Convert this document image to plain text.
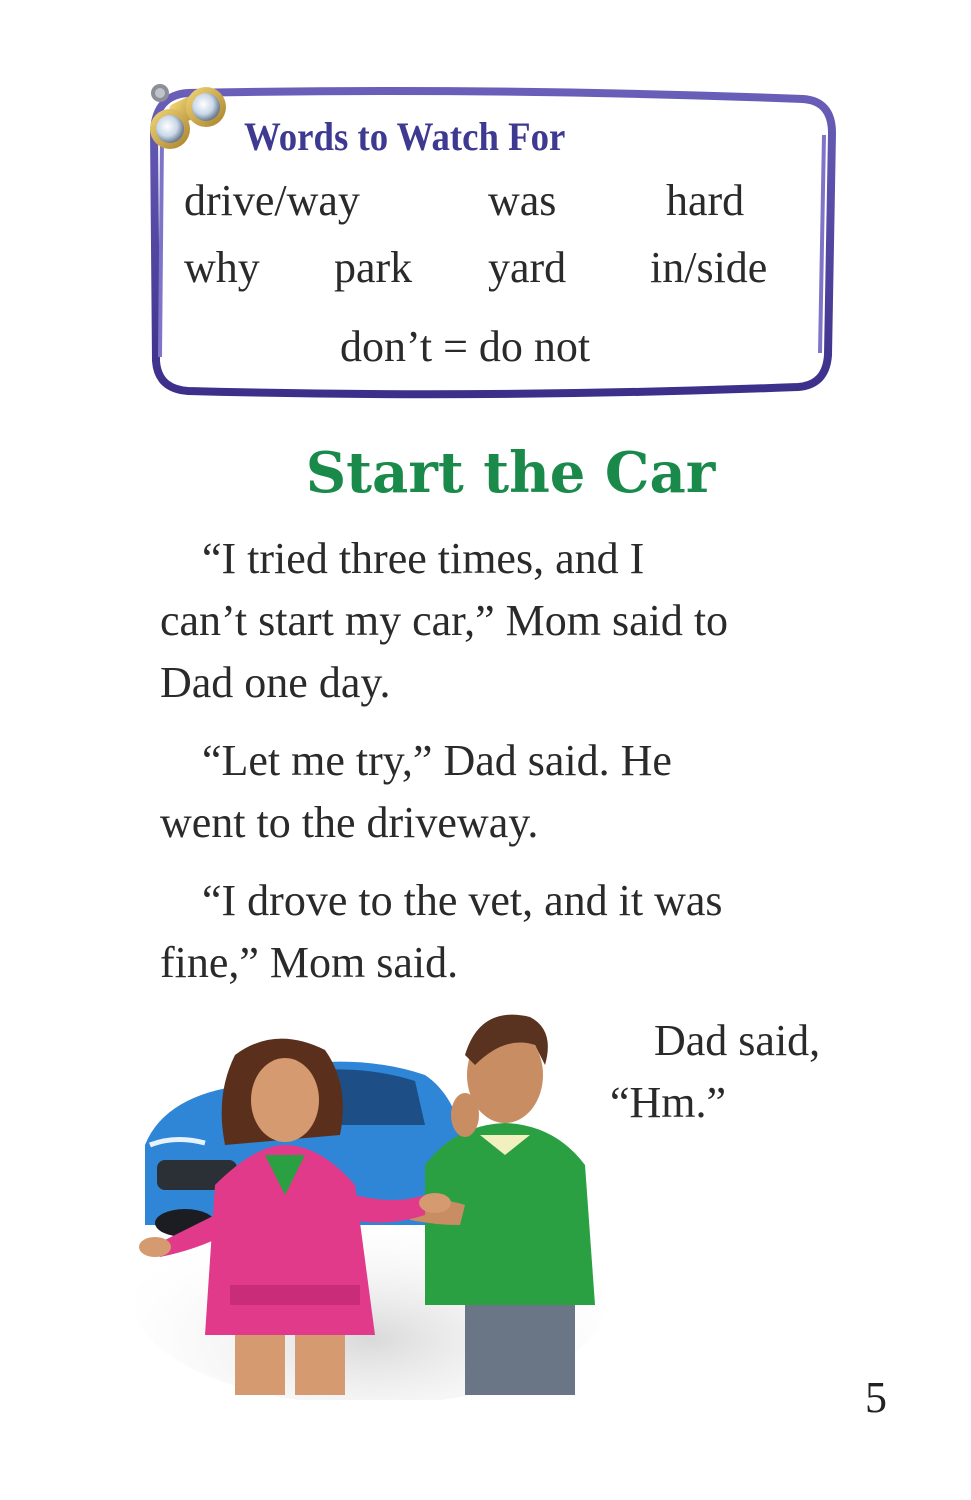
Words to Watch For
drive/way	was hard
why park yard in/side
don’t = do not
Start the Car

“I tried three times, and I
can’t start my car,” Mom said to
Dad one day.

“Let me try,” Dad said. He
went to the driveway.

“I drove to the vet, and it was
fine,” Mom said.

Dad said,
“Hm.”

5
